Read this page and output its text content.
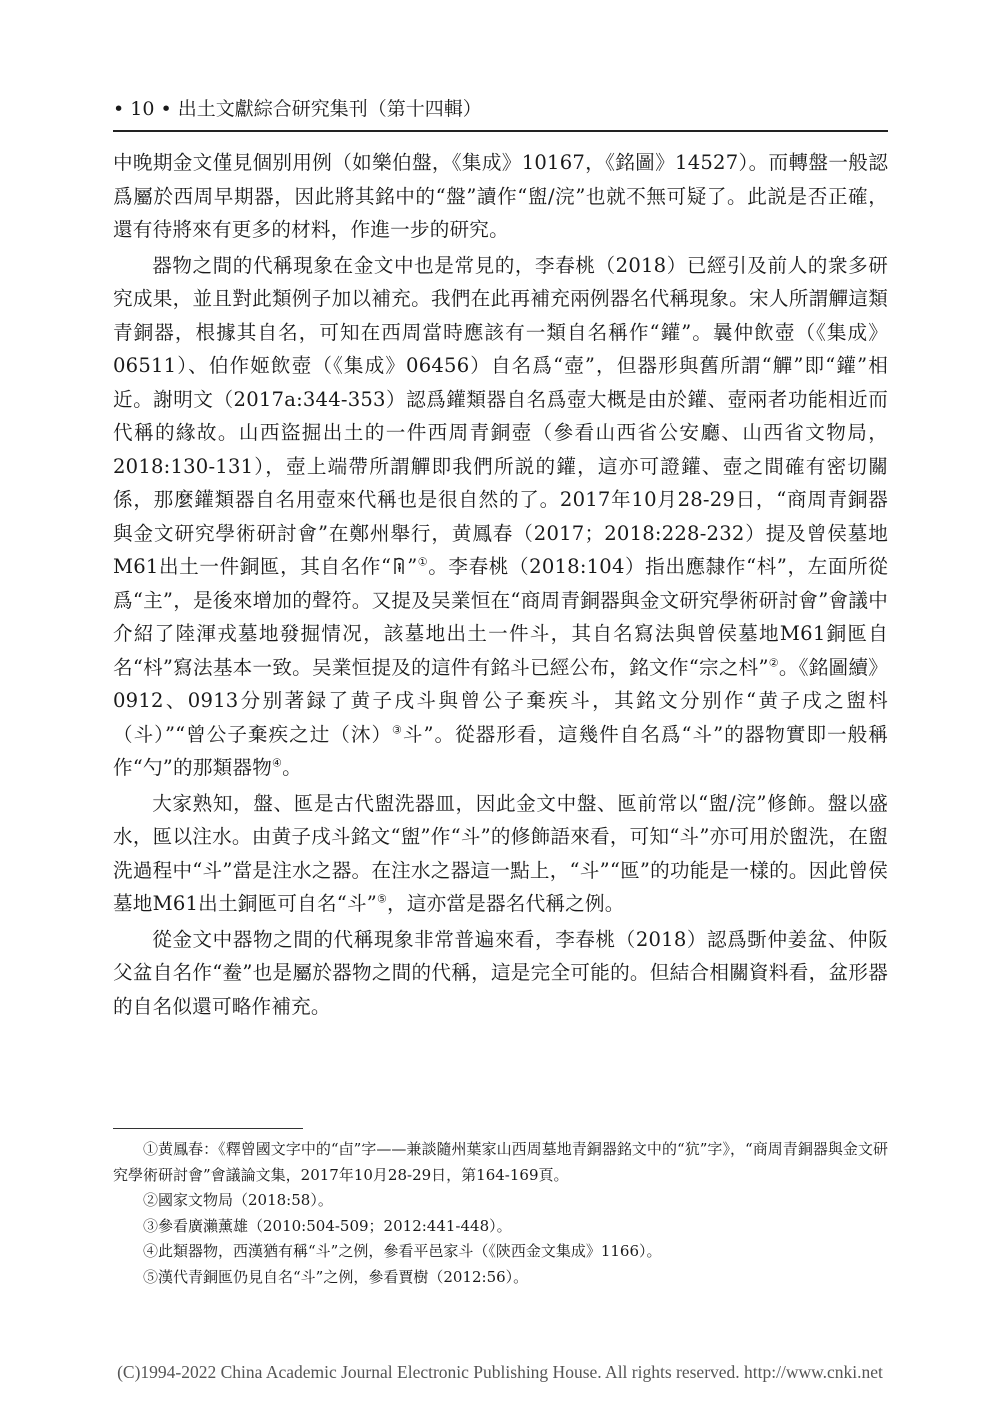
• 10 • 出土文獻綜合研究集刊（第十四輯）

中晚期金文僅見個别用例（如樂伯盤，《集成》10167，《銘圖》14527）。而轉盤一般認爲屬於西周早期器，因此將其銘中的“盤”讀作“盥/浣”也就不無可疑了。此説是否正確，還有待將來有更多的材料，作進一步的研究。

器物之間的代稱現象在金文中也是常見的，李春桃（2018）已經引及前人的衆多研究成果，並且對此類例子加以補充。我們在此再補充兩例器名代稱現象。宋人所謂觶這類青銅器，根據其自名，可知在西周當時應該有一類自名稱作“鑵”。曩仲飲壺（《集成》06511）、伯作姬飲壺（《集成》06456）自名爲“壺”，但器形與舊所謂“觶”即“鑵”相近。謝明文（2017a:344-353）認爲鑵類器自名爲壺大概是由於鑵、壺兩者功能相近而代稱的緣故。山西盜掘出土的一件西周青銅壺（參看山西省公安廳、山西省文物局，2018:130-131），壺上端帶所謂觶即我們所説的鑵，這亦可證鑵、壺之間確有密切關係，那麼鑵類器自名用壺來代稱也是很自然的了。2017年10月28-29日，“商周青銅器與金文研究學術研討會”在鄭州舉行，黄鳳春（2017；2018:228-232）提及曾侯墓地M61出土一件銅匜，其自名作“ ”①。李春桃（2018:104）指出應隸作“枓”，左面所從爲“主”，是後來增加的聲符。又提及吴業恒在“商周青銅器與金文研究學術研討會”會議中介紹了陸渾戎墓地發掘情况，該墓地出土一件斗，其自名寫法與曾侯墓地M61銅匜自名“枓”寫法基本一致。吴業恒提及的這件有銘斗已經公布，銘文作“宗之枓”②。《銘圖續》0912、0913分别著録了黄子戌斗與曾公子棄疾斗，其銘文分别作“黄子戌之盥枓（斗）”“曾公子棄疾之辻（沐）③斗”。從器形看，這幾件自名爲“斗”的器物實即一般稱作“勺”的那類器物④。

大家熟知，盤、匜是古代盥洗器皿，因此金文中盤、匜前常以“盥/浣”修飾。盤以盛水，匜以注水。由黄子戌斗銘文“盥”作“斗”的修飾語來看，可知“斗”亦可用於盥洗，在盥洗過程中“斗”當是注水之器。在注水之器這一點上，“斗”“匜”的功能是一樣的。因此曾侯墓地M61出土銅匜可自名“斗”⑤，這亦當是器名代稱之例。

從金文中器物之間的代稱現象非常普遍來看，李春桃（2018）認爲斲仲姜盆、仲阪父盆自名作“鲞”也是屬於器物之間的代稱，這是完全可能的。但結合相關資料看，盆形器的自名似還可略作補充。

①黄鳳春：《釋曾國文字中的“卣”字——兼談隨州葉家山西周墓地青銅器銘文中的“犺”字》，“商周青銅器與金文研究學術研討會”會議論文集，2017年10月28-29日，第164-169頁。

②國家文物局（2018:58）。

③參看廣瀨薰雄（2010:504-509；2012:441-448）。

④此類器物，西漢猶有稱“斗”之例，參看平邑家斗（《陝西金文集成》1166）。

⑤漢代青銅匜仍見自名“斗”之例，參看賈樹（2012:56）。

(C)1994-2022 China Academic Journal Electronic Publishing House. All rights reserved. http://www.cnki.net
